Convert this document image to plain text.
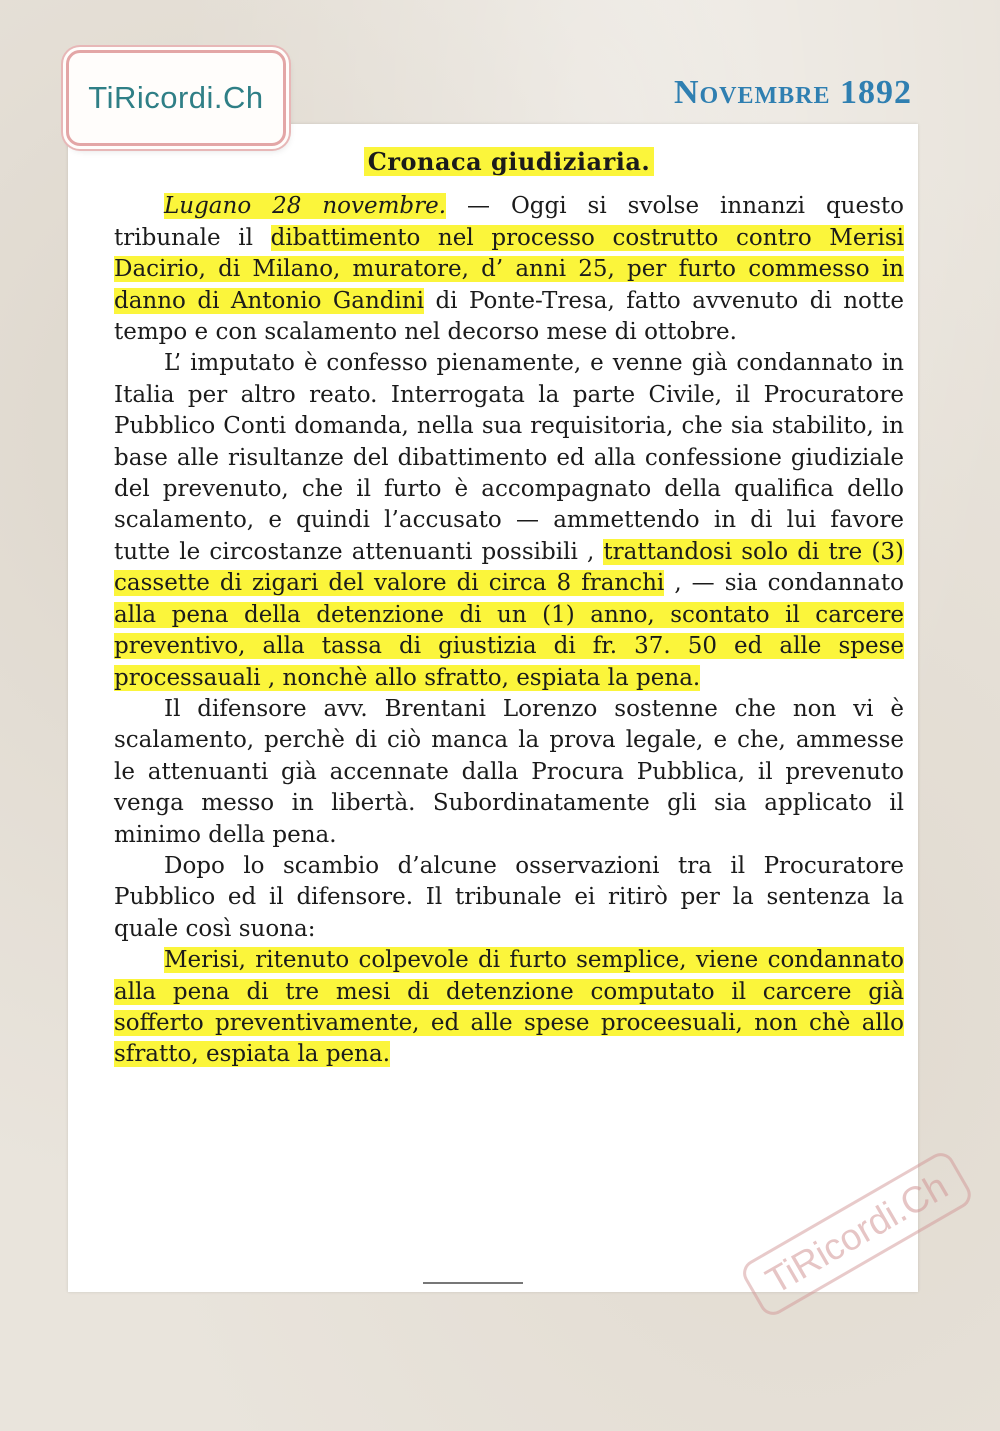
TiRicordi.Ch	Novembre 1892
Cronaca giudiziaria.

Lugano 28 novembre. — Oggi si svolse innanzi questo tribunale il dibattimento nel processo costrutto contro Merisi Dacirio, di Milano, muratore, d’ anni 25, per furto commesso in danno di Antonio Gandini di Ponte-Tresa, fatto avvenuto di notte tempo e con scalamento nel decorso mese di ottobre.

L’ imputato è confesso pienamente, e venne già condannato in Italia per altro reato. Interrogata la parte Civile, il Procuratore Pubblico Conti domanda, nella sua requisitoria, che sia stabilito, in base alle risultanze del dibattimento ed alla confessione giudiziale del prevenuto, che il furto è accompagnato della qualifica dello scalamento, e quindi l’accusato — ammettendo in di lui favore tutte le circostanze attenuanti possibili , trattandosi solo di tre (3) cassette di zigari del valore di circa 8 franchi , — sia condannato alla pena della detenzione di un (1) anno, scontato il carcere preventivo, alla tassa di giustizia di fr. 37. 50 ed alle spese processauali , nonchè allo sfratto, espiata la pena.

Il difensore avv. Brentani Lorenzo sostenne che non vi è scalamento, perchè di ciò manca la prova legale, e che, ammesse le attenuanti già accennate dalla Procura Pubblica, il prevenuto venga messo in libertà. Subordinatamente gli sia applicato il minimo della pena.

Dopo lo scambio d’alcune osservazioni tra il Procuratore Pubblico ed il difensore. Il tribunale ei ritirò per la sentenza la quale così suona:

Merisi, ritenuto colpevole di furto semplice, viene condannato alla pena di tre mesi di detenzione computato il carcere già sofferto preventivamente, ed alle spese proceesuali, non chè allo sfratto, espiata la pena.

TiRicordi.Ch
